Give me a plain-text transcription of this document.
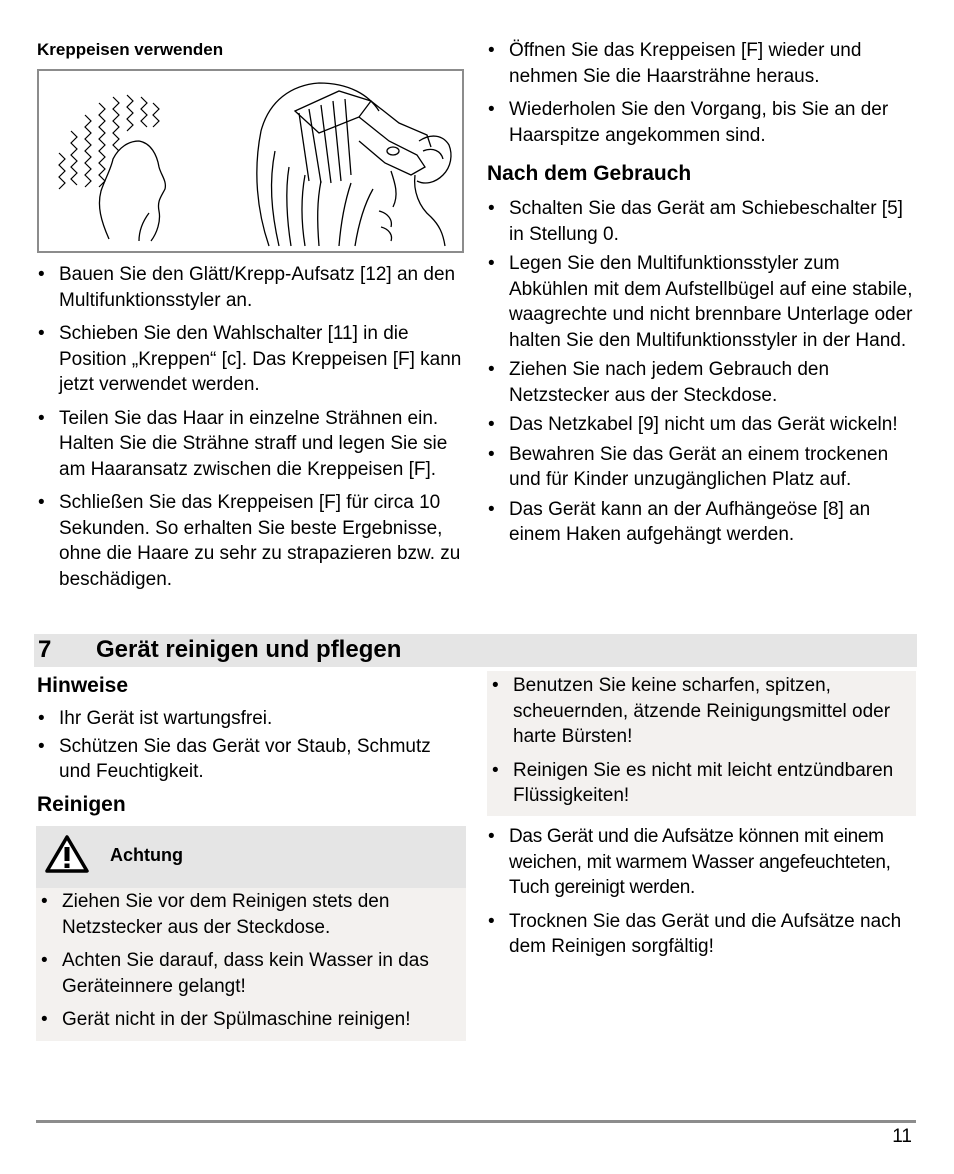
Kreppeisen verwenden
• Bauen Sie den Glätt/Krepp-Aufsatz [12] an den Multifunktionsstyler an.
• Schieben Sie den Wahlschalter [11] in die Position „Kreppen“ [c]. Das Kreppeisen [F] kann jetzt verwendet werden.
• Teilen Sie das Haar in einzelne Strähnen ein. Halten Sie die Strähne straff und legen Sie sie am Haaransatz zwischen die Kreppeisen [F].
• Schließen Sie das Kreppeisen [F] für circa 10 Sekunden. So erhalten Sie beste Ergebnisse, ohne die Haare zu sehr zu strapazieren bzw. zu beschädigen.
• Öffnen Sie das Kreppeisen [F] wieder und nehmen Sie die Haarsträhne heraus.
• Wiederholen Sie den Vorgang, bis Sie an der Haarspitze angekommen sind.
Nach dem Gebrauch
• Schalten Sie das Gerät am Schiebeschalter [5] in Stellung 0.
• Legen Sie den Multifunktionsstyler zum Abkühlen mit dem Aufstellbügel auf eine stabile, waagrechte und nicht brennbare Unterlage oder halten Sie den Multifunktionsstyler in der Hand.
• Ziehen Sie nach jedem Gebrauch den Netzstecker aus der Steckdose.
• Das Netzkabel [9] nicht um das Gerät wickeln!
• Bewahren Sie das Gerät an einem trockenen und für Kinder unzugänglichen Platz auf.
• Das Gerät kann an der Aufhängeöse [8] an einem Haken aufgehängt werden.
7 Gerät reinigen und pflegen
Hinweise
• Ihr Gerät ist wartungsfrei.
• Schützen Sie das Gerät vor Staub, Schmutz und Feuchtigkeit.
Reinigen
Achtung
• Ziehen Sie vor dem Reinigen stets den Netzstecker aus der Steckdose.
• Achten Sie darauf, dass kein Wasser in das Geräteinnere gelangt!
• Gerät nicht in der Spülmaschine reinigen!
• Benutzen Sie keine scharfen, spitzen, scheuernden, ätzende Reinigungsmittel oder harte Bürsten!
• Reinigen Sie es nicht mit leicht entzündbaren Flüssigkeiten!
• Das Gerät und die Aufsätze können mit einem weichen, mit warmem Wasser angefeuchteten, Tuch gereinigt werden.
• Trocknen Sie das Gerät und die Aufsätze nach dem Reinigen sorgfältig!
11
